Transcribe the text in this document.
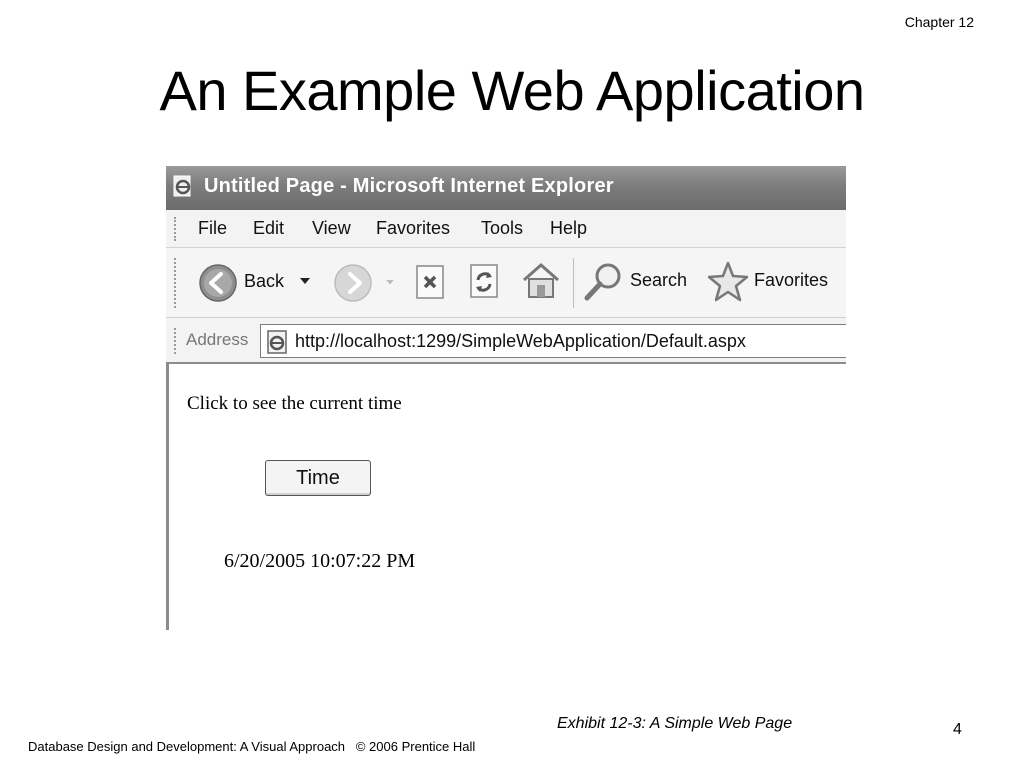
Chapter 12
An Example Web Application
Untitled Page - Microsoft Internet Explorer
File Edit View Favorites Tools Help
Back	Search	Favorites
Address	http://localhost:1299/SimpleWebApplication/Default.aspx
Click to see the current time
Time
6/20/2005 10:07:22 PM
Exhibit 12-3: A Simple Web Page	4
Database Design and Development: A Visual Approach   © 2006 Prentice Hall
